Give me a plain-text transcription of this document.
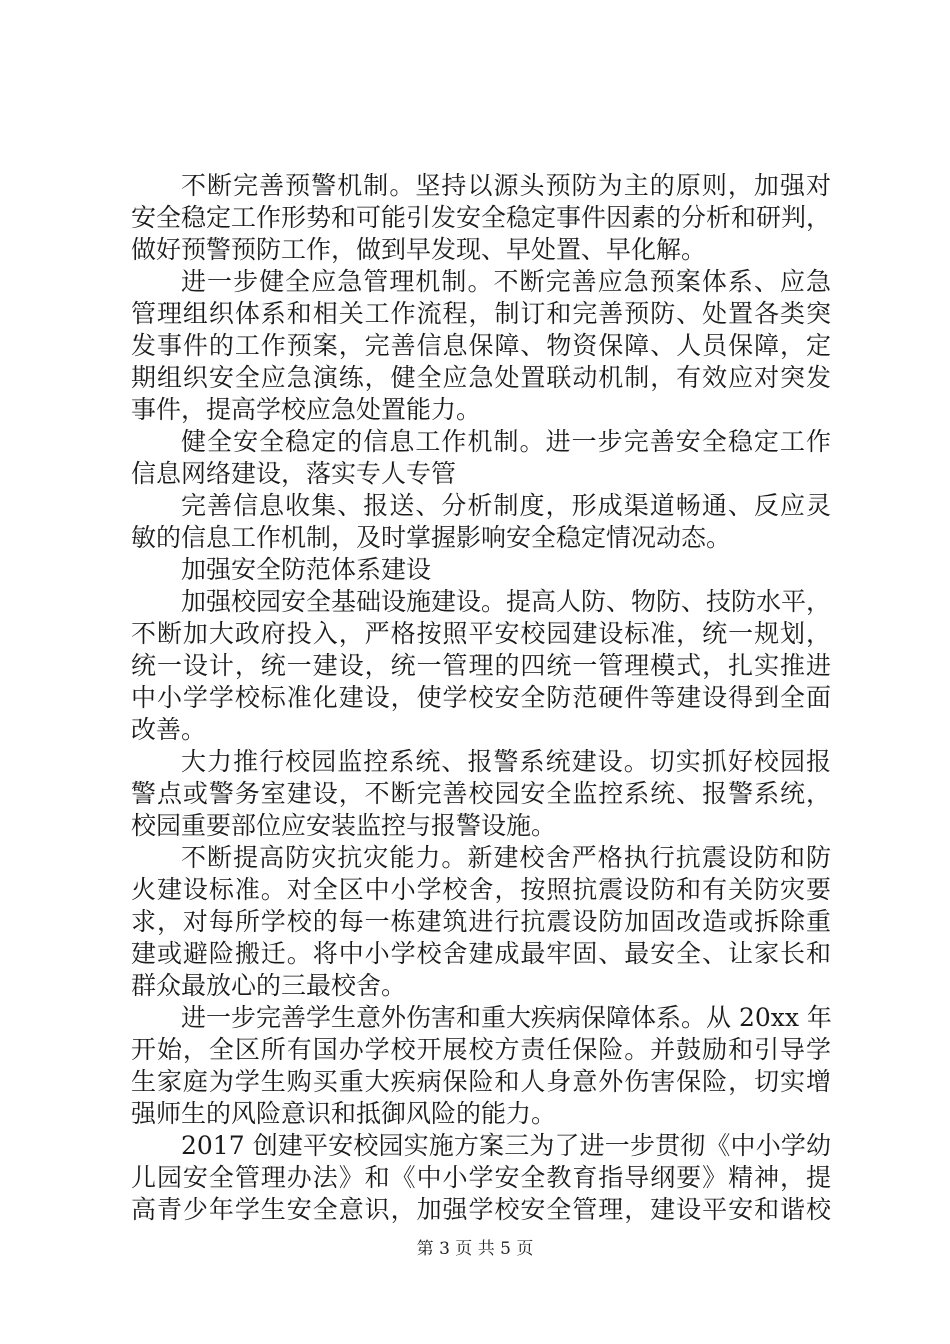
不断完善预警机制。坚持以源头预防为主的原则，加强对
安全稳定工作形势和可能引发安全稳定事件因素的分析和研判，
做好预警预防工作，做到早发现、早处置、早化解。
进一步健全应急管理机制。不断完善应急预案体系、应急
管理组织体系和相关工作流程，制订和完善预防、处置各类突
发事件的工作预案，完善信息保障、物资保障、人员保障，定
期组织安全应急演练，健全应急处置联动机制，有效应对突发
事件，提高学校应急处置能力。
健全安全稳定的信息工作机制。进一步完善安全稳定工作
信息网络建设，落实专人专管
完善信息收集、报送、分析制度，形成渠道畅通、反应灵
敏的信息工作机制，及时掌握影响安全稳定情况动态。
加强安全防范体系建设
加强校园安全基础设施建设。提高人防、物防、技防水平，
不断加大政府投入，严格按照平安校园建设标准，统一规划，
统一设计，统一建设，统一管理的四统一管理模式，扎实推进
中小学学校标准化建设，使学校安全防范硬件等建设得到全面
改善。
大力推行校园监控系统、报警系统建设。切实抓好校园报
警点或警务室建设，不断完善校园安全监控系统、报警系统，
校园重要部位应安装监控与报警设施。
不断提高防灾抗灾能力。新建校舍严格执行抗震设防和防
火建设标准。对全区中小学校舍，按照抗震设防和有关防灾要
求，对每所学校的每一栋建筑进行抗震设防加固改造或拆除重
建或避险搬迁。将中小学校舍建成最牢固、最安全、让家长和
群众最放心的三最校舍。
进一步完善学生意外伤害和重大疾病保障体系。从 20xx 年
开始，全区所有国办学校开展校方责任保险。并鼓励和引导学
生家庭为学生购买重大疾病保险和人身意外伤害保险，切实增
强师生的风险意识和抵御风险的能力。
2017 创建平安校园实施方案三为了进一步贯彻《中小学幼
儿园安全管理办法》和《中小学安全教育指导纲要》精神，提
高青少年学生安全意识，加强学校安全管理，建设平安和谐校
第 3 页 共 5 页
